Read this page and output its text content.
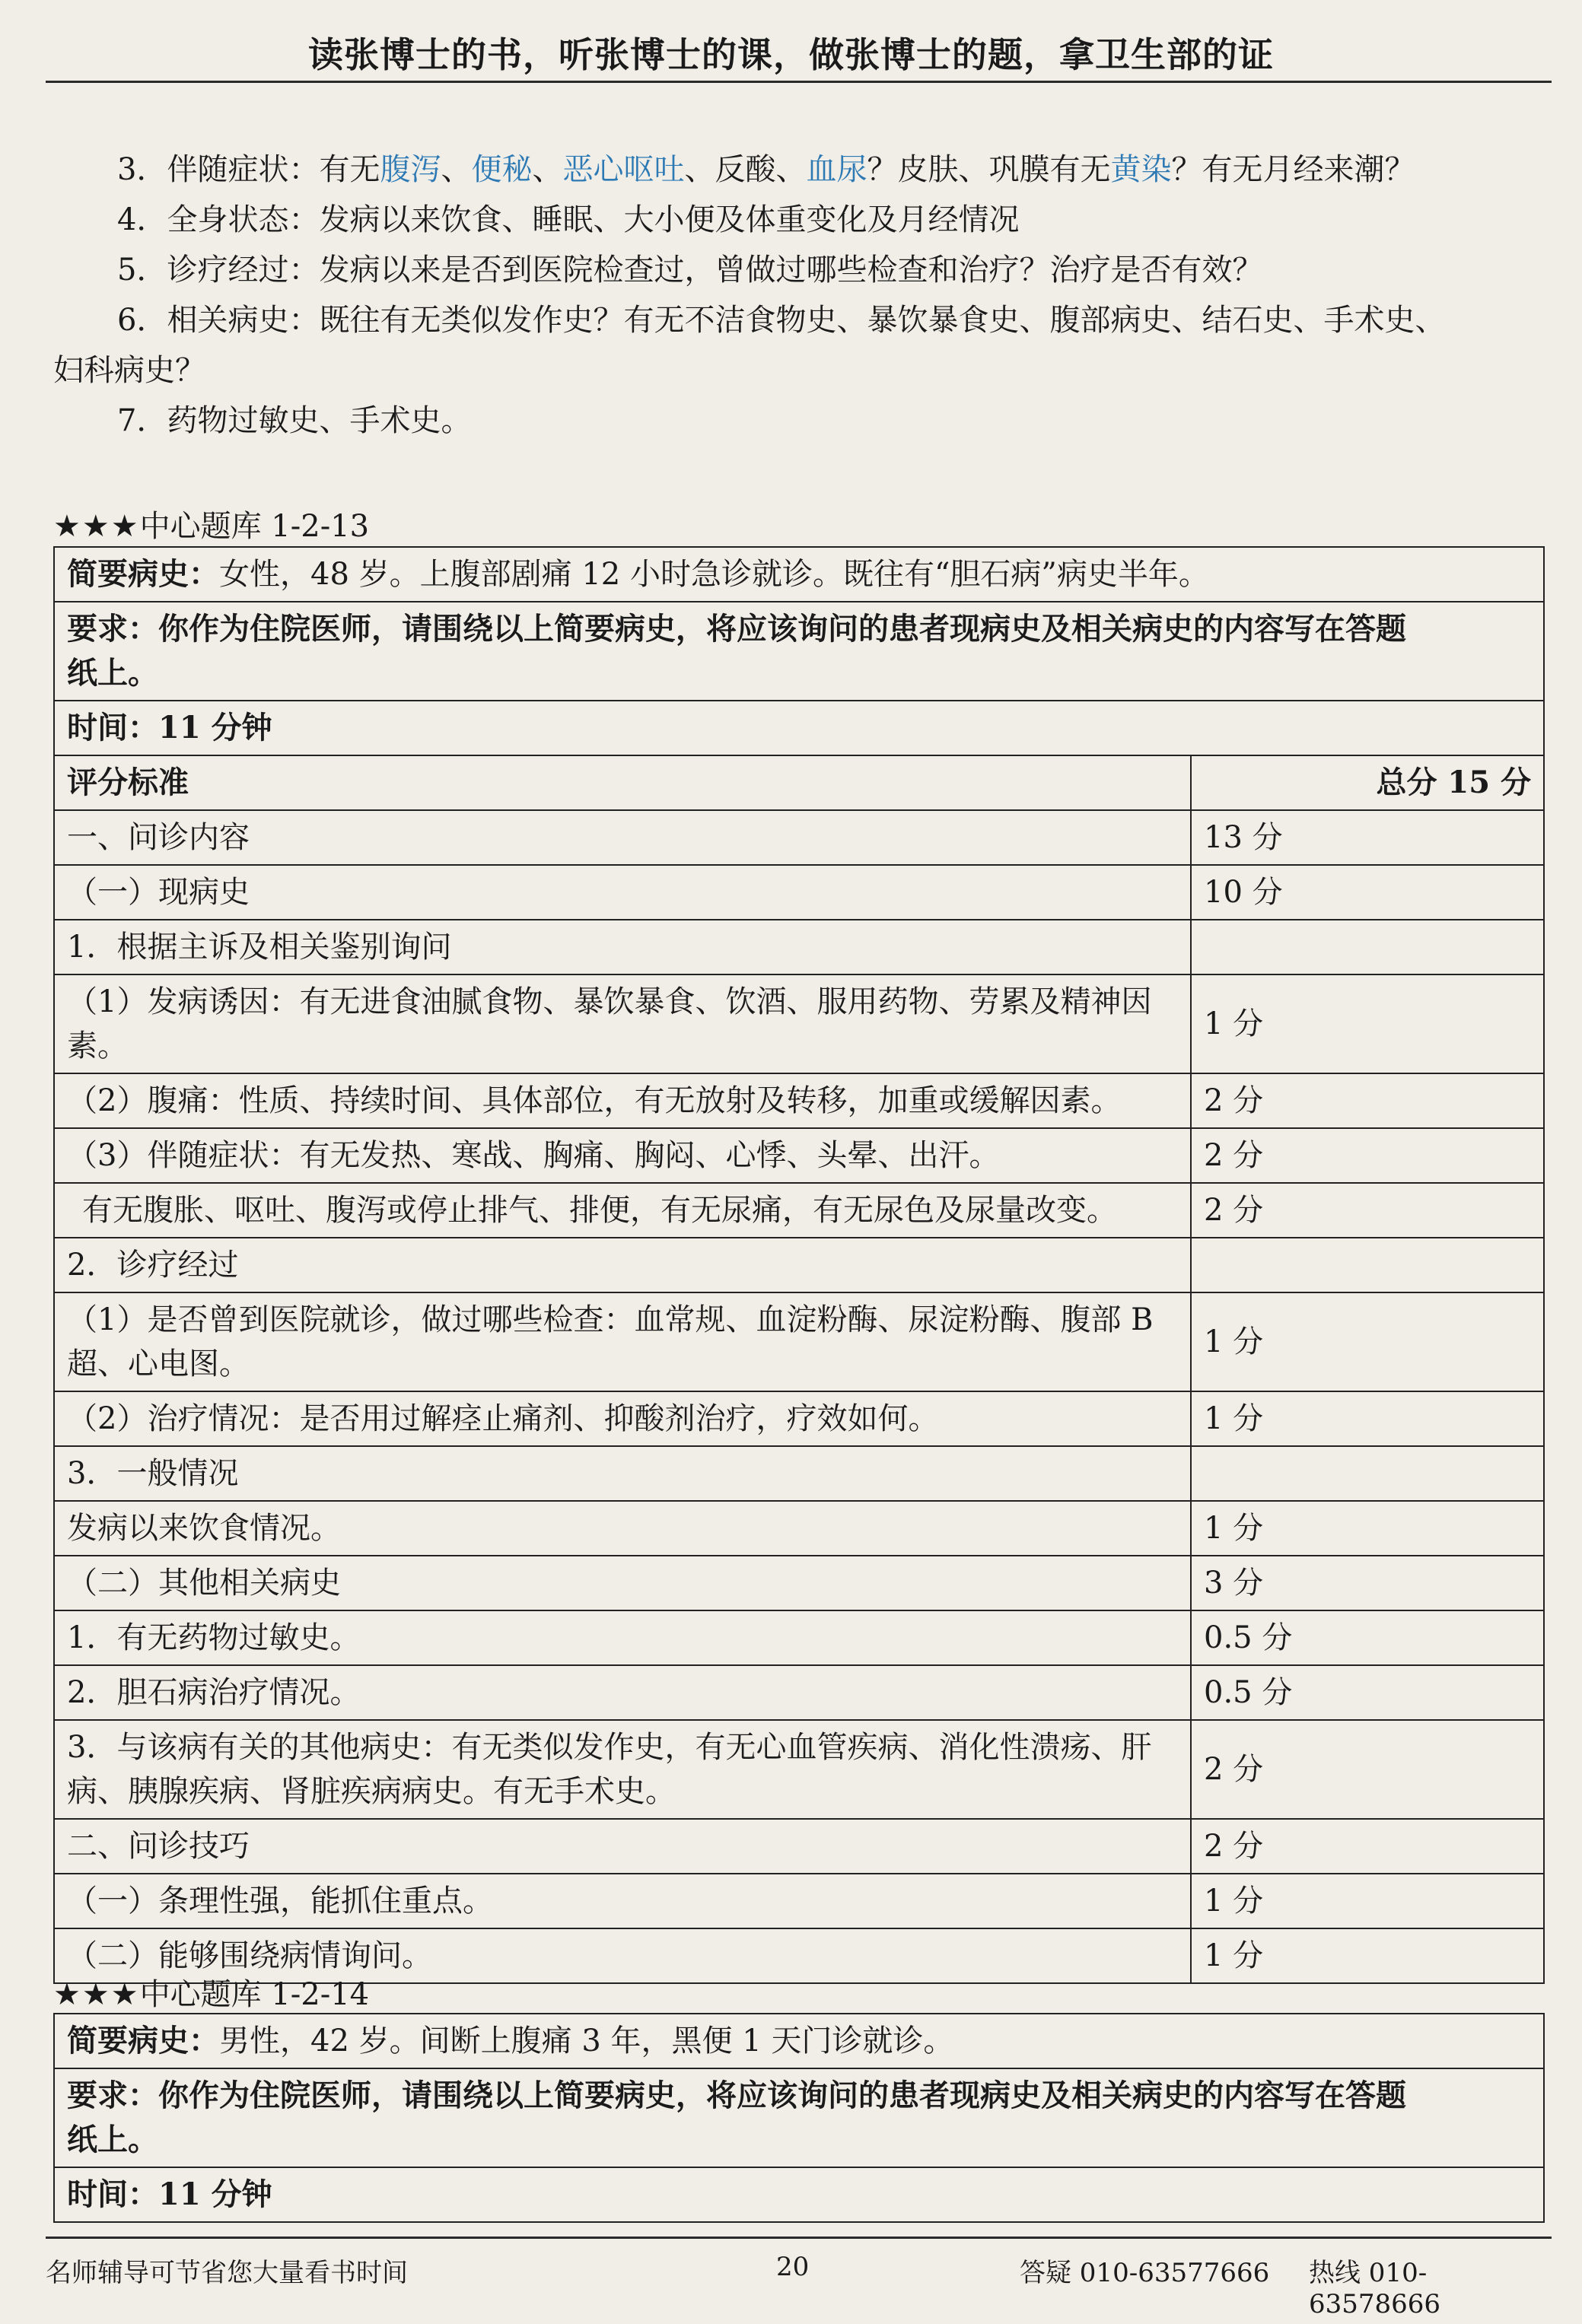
读张博士的书，听张博士的课，做张博士的题，拿卫生部的证
3．伴随症状：有无腹泻、便秘、恶心呕吐、反酸、血尿？皮肤、巩膜有无黄染？有无月经来潮？
4．全身状态：发病以来饮食、睡眠、大小便及体重变化及月经情况
5．诊疗经过：发病以来是否到医院检查过，曾做过哪些检查和治疗？治疗是否有效？
6．相关病史：既往有无类似发作史？有无不洁食物史、暴饮暴食史、腹部病史、结石史、手术史、
妇科病史？
7．药物过敏史、手术史。
★★★中心题库 1-2-13
简要病史：女性，48 岁。上腹部剧痛 12 小时急诊就诊。既往有“胆石病”病史半年。	
要求：你作为住院医师，请围绕以上简要病史，将应该询问的患者现病史及相关病史的内容写在答题
纸上。	
时间：11 分钟	
评分标准	总分 15 分
一、问诊内容	13 分
（一）现病史	10 分
1．根据主诉及相关鉴别询问	
（1）发病诱因：有无进食油腻食物、暴饮暴食、饮酒、服用药物、劳累及精神因素。	1 分
（2）腹痛：性质、持续时间、具体部位，有无放射及转移，加重或缓解因素。	2 分
（3）伴随症状：有无发热、寒战、胸痛、胸闷、心悸、头晕、出汗。	2 分
有无腹胀、呕吐、腹泻或停止排气、排便，有无尿痛，有无尿色及尿量改变。	2 分
2．诊疗经过	
（1）是否曾到医院就诊，做过哪些检查：血常规、血淀粉酶、尿淀粉酶、腹部 B 超、心电图。	1 分
（2）治疗情况：是否用过解痉止痛剂、抑酸剂治疗，疗效如何。	1 分
3．一般情况	
发病以来饮食情况。	1 分
（二）其他相关病史	3 分
1．有无药物过敏史。	0.5 分
2．胆石病治疗情况。	0.5 分
3．与该病有关的其他病史：有无类似发作史，有无心血管疾病、消化性溃疡、肝病、胰腺疾病、肾脏疾病病史。有无手术史。	2 分
二、问诊技巧	2 分
（一）条理性强，能抓住重点。	1 分
（二）能够围绕病情询问。	1 分
★★★中心题库 1-2-14
简要病史：男性，42 岁。间断上腹痛 3 年，黑便 1 天门诊就诊。
要求：你作为住院医师，请围绕以上简要病史，将应该询问的患者现病史及相关病史的内容写在答题
纸上。
时间：11 分钟
名师辅导可节省您大量看书时间	20	答疑 010-63577666 热线 010-63578666
